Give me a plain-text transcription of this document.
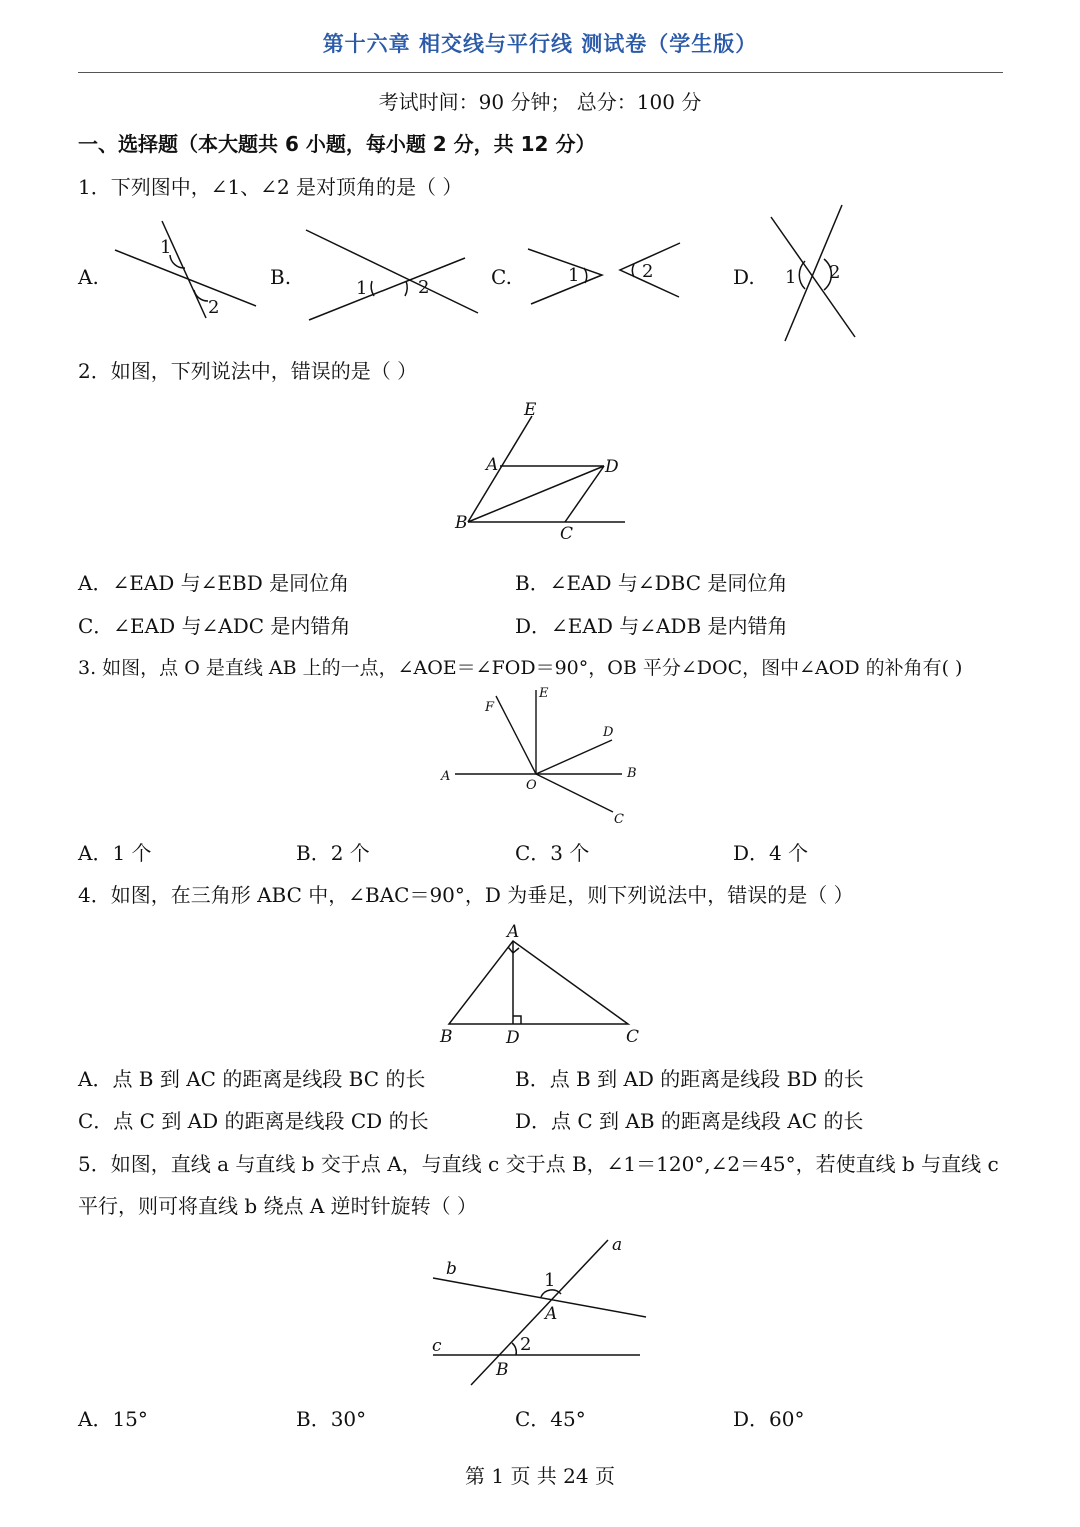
第十六章 相交线与平行线 测试卷（学生版）
考试时间：90 分钟； 总分：100 分
一、选择题（本大题共 6 小题，每小题 2 分，共 12 分）
1．下列图中，∠1、∠2 是对顶角的是（ ）
A.	B.	C.	D.
1
2
1	2
1	2	1 2
2．如图，下列说法中，错误的是（ ）
E
A	D
B
C
A．∠EAD 与∠EBD 是同位角	B．∠EAD 与∠DBC 是同位角
C．∠EAD 与∠ADC 是内错角	D．∠EAD 与∠ADB 是内错角
3. 如图，点 O 是直线 AB 上的一点，∠AOE＝∠FOD＝90°，OB 平分∠DOC，图中∠AOD 的补角有( )
E
F
D
A
O
B
C
A．1 个	B．2 个	C．3 个	D．4 个
4．如图，在三角形 ABC 中，∠BAC＝90°，D 为垂足，则下列说法中，错误的是（ ）
A
B	D	C
A．点 B 到 AC 的距离是线段 BC 的长	B．点 B 到 AD 的距离是线段 BD 的长
C．点 C 到 AD 的距离是线段 CD 的长	D．点 C 到 AB 的距离是线段 AC 的长
5．如图，直线 a 与直线 b 交于点 A，与直线 c 交于点 B，∠1＝120°,∠2＝45°，若使直线 b 与直线 c
平行，则可将直线 b 绕点 A 逆时针旋转（ ）
a
b
1
A
c	2
B
A．15°	B．30°	C．45°	D．60°
第 1 页 共 24 页
